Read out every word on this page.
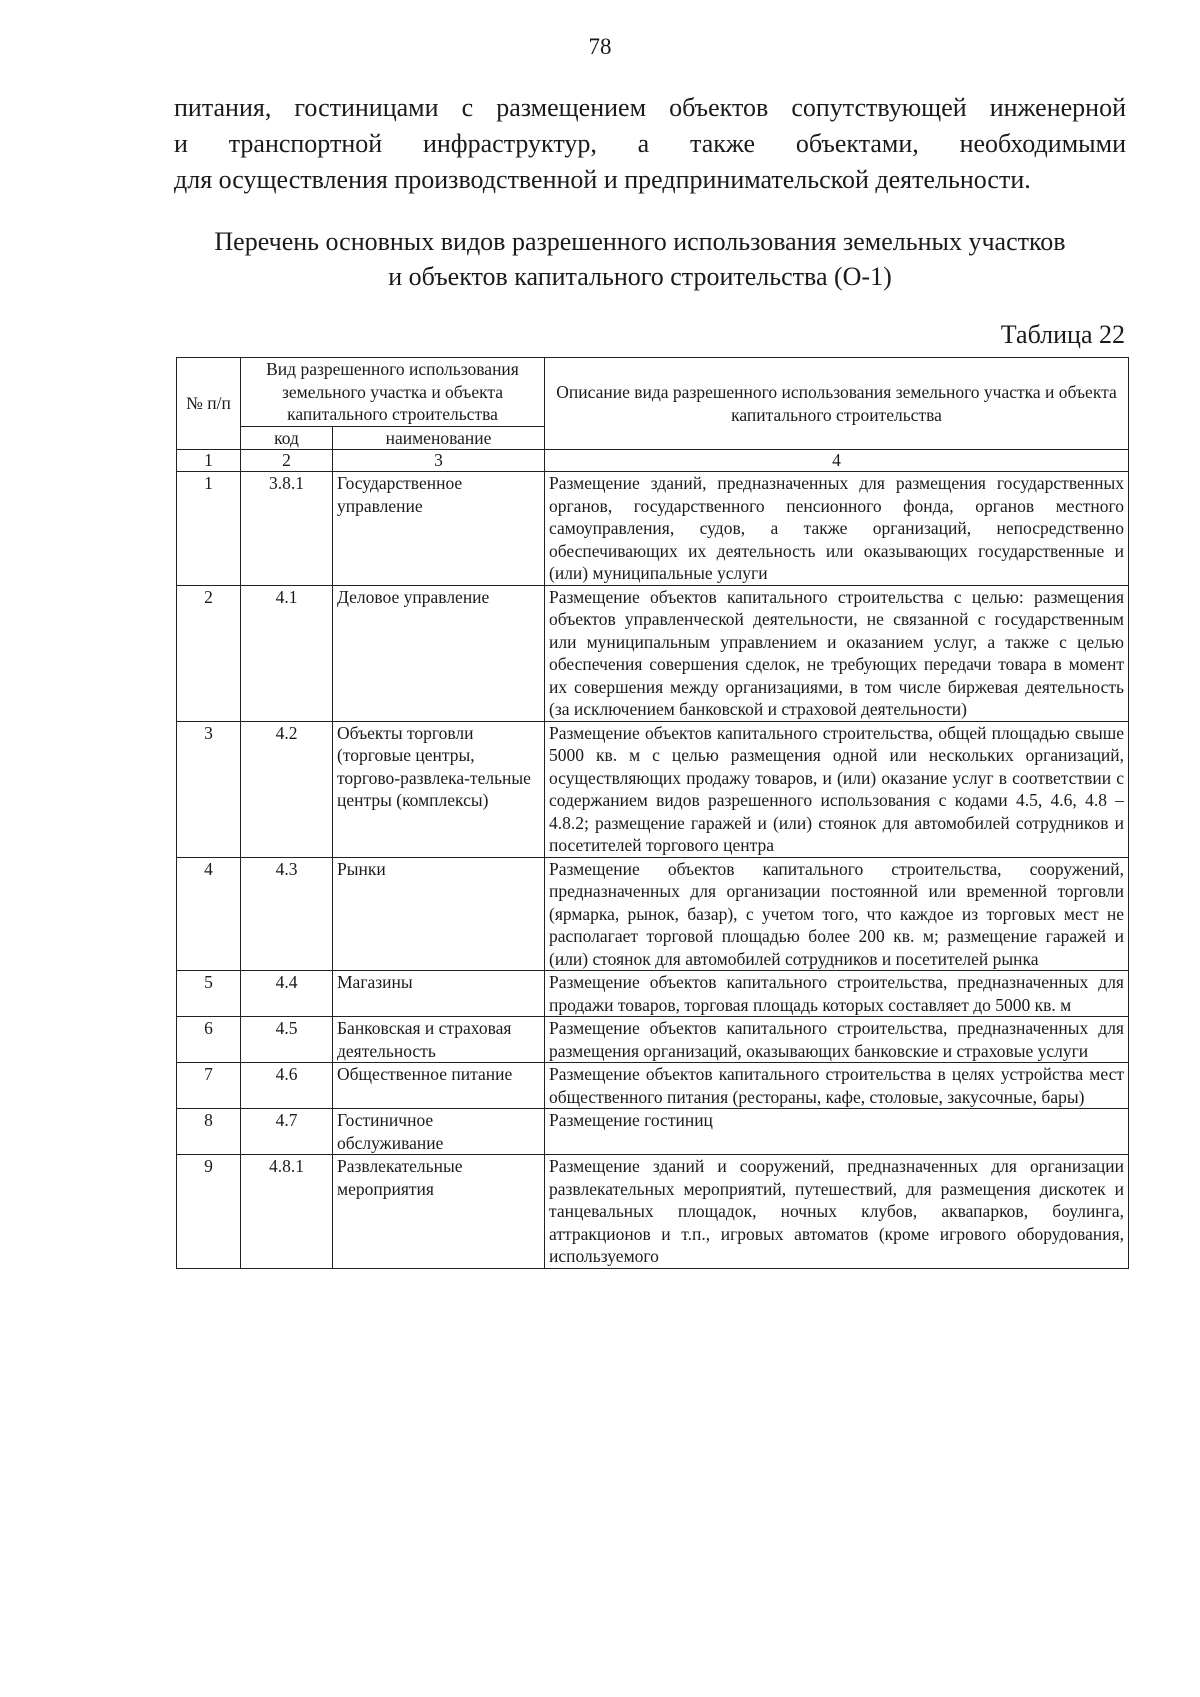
78
питания, гостиницами с размещением объектов сопутствующей инженерной
и транспортной инфраструктур, а также объектами, необходимыми
для осуществления производственной и предпринимательской деятельности.
Перечень основных видов разрешенного использования земельных участков
и объектов капитального строительства (О-1)
Таблица 22
№ п/п	Вид разрешенного использования земельного участка и объекта капитального строительства		Описание вида разрешенного использования земельного участка и объекта капитального строительства
	код	наименование	
1	2	3	4
1	3.8.1	Государственное управление	Размещение зданий, предназначенных для размещения государственных органов, государственного пенсионного фонда, органов местного самоуправления, судов, а также организаций, непосредственно обеспечивающих их деятельность или оказывающих государственные и (или) муниципальные услуги
2	4.1	Деловое управление	Размещение объектов капитального строительства с целью: размещения объектов управленческой деятельности, не связанной с государственным или муниципальным управлением и оказанием услуг, а также с целью обеспечения совершения сделок, не требующих передачи товара в момент их совершения между организациями, в том числе биржевая деятельность (за исключением банковской и страховой деятельности)
3	4.2	Объекты торговли (торговые центры, торгово-развлека-тельные центры (комплексы)	Размещение объектов капитального строительства, общей площадью свыше 5000 кв. м с целью размещения одной или нескольких организаций, осуществляющих продажу товаров, и (или) оказание услуг в соответствии с содержанием видов разрешенного использования с кодами 4.5, 4.6, 4.8 – 4.8.2; размещение гаражей и (или) стоянок для автомобилей сотрудников и посетителей торгового центра
4	4.3	Рынки	Размещение объектов капитального строительства, сооружений, предназначенных для организации постоянной или временной торговли (ярмарка, рынок, базар), с учетом того, что каждое из торговых мест не располагает торговой площадью более 200 кв. м; размещение гаражей и (или) стоянок для автомобилей сотрудников и посетителей рынка
5	4.4	Магазины	Размещение объектов капитального строительства, предназначенных для продажи товаров, торговая площадь которых составляет до 5000 кв. м
6	4.5	Банковская и страховая деятельность	Размещение объектов капитального строительства, предназначенных для размещения организаций, оказывающих банковские и страховые услуги
7	4.6	Общественное питание	Размещение объектов капитального строительства в целях устройства мест общественного питания (рестораны, кафе, столовые, закусочные, бары)
8	4.7	Гостиничное обслуживание	Размещение гостиниц
9	4.8.1	Развлекательные мероприятия	Размещение зданий и сооружений, предназначенных для организации развлекательных мероприятий, путешествий, для размещения дискотек и танцевальных площадок, ночных клубов, аквапарков, боулинга, аттракционов и т.п., игровых автоматов (кроме игрового оборудования, используемого
